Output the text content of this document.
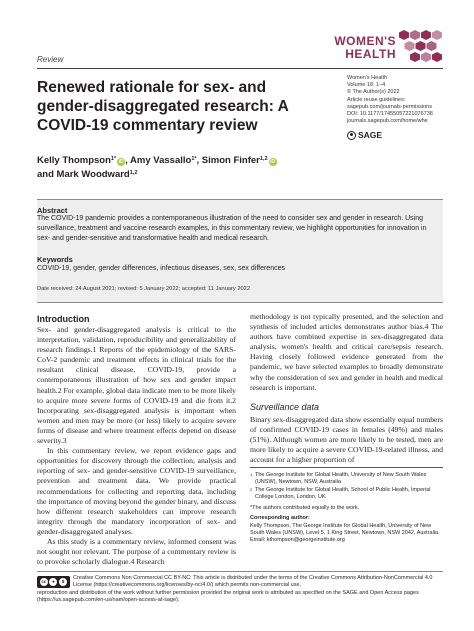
Review
WOMEN'S
HEALTH
Women's Health
Volume 18: 1–4
© The Author(s) 2022
Article reuse guidelines:
sagepub.com/journals-permissions
DOI: 10.1177/17455057221076738
journals.sagepub.com/home/whe
SAGE
Renewed rationale for sex- and gender-disaggregated research: A COVID-19 commentary review
Kelly Thompson$^{1*}$ iD , Amy Vassallo$^{1*}$, Simon Finfer$^{1,2}$ iD
and Mark Woodward$^{1,2}$
Abstract

The COVID-19 pandemic provides a contemporaneous illustration of the need to consider sex and gender in research. Using surveillance, treatment and vaccine research examples, in this commentary review, we highlight opportunities for innovation in sex- and gender-sensitive and transformative health and medical research.

Keywords

COVID-19, gender, gender differences, infectious diseases, sex, sex differences

Date received: 24 August 2021; revised: 5 January 2022; accepted: 11 January 2022
Introduction

Sex- and gender-disaggregated analysis is critical to the interpretation, validation, reproducibility and generalizability of research findings.1 Reports of the epidemiology of the SARS-CoV-2 pandemic and treatment effects in clinical trials for the resultant clinical disease, COVID-19, provide a contemporaneous illustration of how sex and gender impact health.2 For example, global data indicate men to be more likely to acquire more severe forms of COVID-19 and die from it.2 Incorporating sex-disaggregated analysis is important when women and men may be more (or less) likely to acquire severe forms of disease and where treatment effects depend on disease severity.3

In this commentary review, we report evidence gaps and opportunities for discovery through the collection, analysis and reporting of sex- and gender-sensitive COVID-19 surveillance, prevention and treatment data. We provide practical recommendations for collecting and reporting data, including the importance of moving beyond the gender binary, and discuss how different research stakeholders can improve research integrity through the mandatory incorporation of sex- and gender-disaggregated analyses.

As this study is a commentary review, informed consent was not sought nor relevant. The purpose of a commentary review is to provoke scholarly dialogue.4 Research

methodology is not typically presented, and the selection and synthesis of included articles demonstrates author bias.4 The authors have combined expertise in sex-disaggregated data analysis, women's health and critical care/sepsis research. Having closely followed evidence generated from the pandemic, we have selected examples to broadly demonstrate why the consideration of sex and gender in health and medical research is important.

Surveillance data

Binary sex-disaggregated data show essentially equal numbers of confirmed COVID-19 cases in females (49%) and males (51%). Although women are more likely to be tested, men are more likely to acquire a severe COVID-19-related illness, and account for a higher proportion of

1 The George Institute for Global Health, University of New South Wales (UNSW), Newtown, NSW, Australia
2 The George Institute for Global Health, School of Public Health, Imperial College London, London, UK
*The authors contributed equally to the work.
Corresponding author:
Kelly Thompson, The George Institute for Global Health, University of New South Wales (UNSW), Level 5, 1 King Street, Newtown, NSW 2042, Australia.
Email: kthompson@georgeinstitute.org
cc	●	$

Creative Commons Non Commercial CC BY-NC: This article is distributed under the terms of the Creative Commons Attribution-NonCommercial 4.0 License (https://creativecommons.org/licenses/by-nc/4.0/) which permits non-commercial use,

reproduction and distribution of the work without further permission provided the original work is attributed as specified on the SAGE and Open Access pages (https://us.sagepub.com/en-us/nam/open-access-at-sage).
